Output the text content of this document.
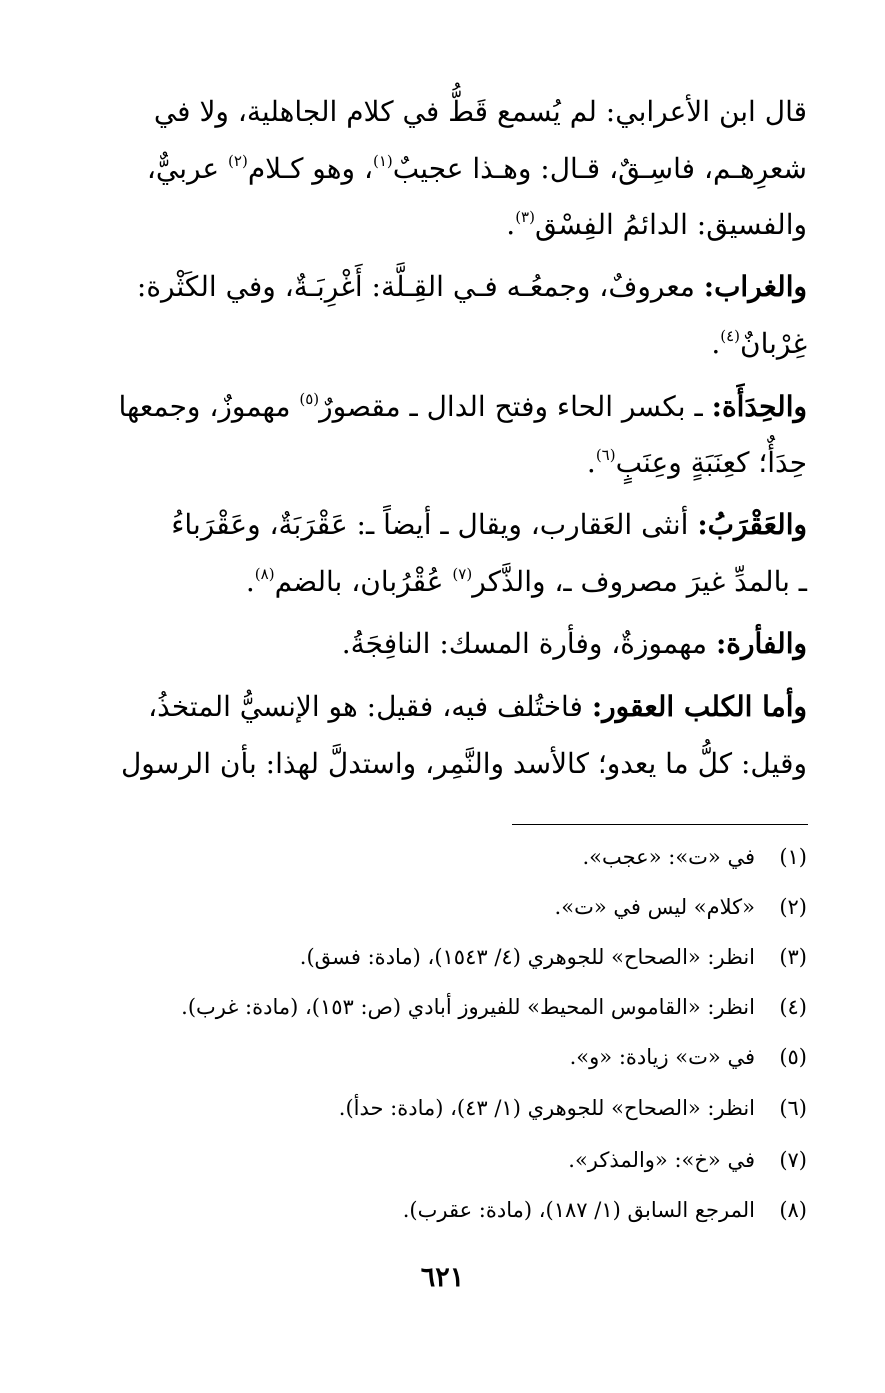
قال ابن الأعرابي: لم يُسمع قَطُّ في كلام الجاهلية، ولا في
شعرِهـم، فاسِـقٌ، قـال: وهـذا عجيبٌ$^{(١)}$، وهو كـلام$^{(٢)}$ عربيٌّ،
والفسيق: الدائمُ الفِسْق$^{(٣)}$.
والغراب: معروفٌ، وجمعُـه فـي القِـلَّة: أَغْرِبَـةٌ، وفي الكَثْرة:
غِرْبانٌ$^{(٤)}$.
والحِدَأَة: ـ بكسر الحاء وفتح الدال ـ مقصورٌ$^{(٥)}$ مهموزٌ، وجمعها
حِدَأٌ؛ كعِنَبَةٍ وعِنَبٍ$^{(٦)}$.
والعَقْرَبُ: أنثى العَقارب، ويقال ـ أيضاً ـ: عَقْرَبَةٌ، وعَقْرَباءُ
ـ بالمدِّ غيرَ مصروف ـ، والذَّكر$^{(٧)}$ عُقْرُبان، بالضم$^{(٨)}$.
والفأرة: مهموزةٌ، وفأرة المسك: النافِجَةُ.
وأما الكلب العقور: فاختُلف فيه، فقيل: هو الإنسيُّ المتخذُ،
وقيل: كلُّ ما يعدو؛ كالأسد والنَّمِر، واستدلَّ لهذا: بأن الرسول
(١)
في «ت»: «عجب».
(٢)
«كلام» ليس في «ت».
(٣)
انظر: «الصحاح» للجوهري (٤/ ١٥٤٣)، (مادة: فسق).
(٤)
انظر: «القاموس المحيط» للفيروز أبادي (ص: ١٥٣)، (مادة: غرب).
(٥)
في «ت» زيادة: «و».
(٦)
انظر: «الصحاح» للجوهري (١/ ٤٣)، (مادة: حدأ).
(٧)
في «خ»: «والمذكر».
(٨)
المرجع السابق (١/ ١٨٧)، (مادة: عقرب).
٦٢١
